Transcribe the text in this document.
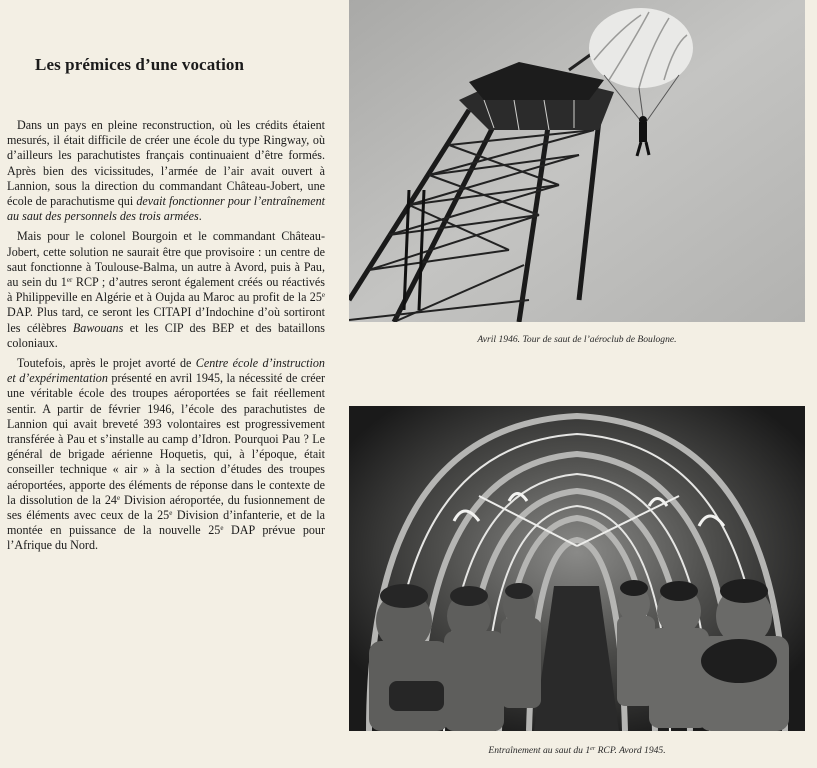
Les prémices d’une vocation

Dans un pays en pleine reconstruction, où les crédits étaient mesurés, il était difficile de créer une école du type Ringway, où d’ailleurs les parachutistes français continuaient d’être formés. Après bien des vicissitudes, l’armée de l’air avait ouvert à Lannion, sous la direction du commandant Château-Jobert, une école de parachutisme qui devait fonctionner pour l’entraînement au saut des personnels des trois armées.

Mais pour le colonel Bourgoin et le commandant Château-Jobert, cette solution ne saurait être que provisoire : un centre de saut fonctionne à Toulouse-Balma, un autre à Avord, puis à Pau, au sein du 1er RCP ; d’autres seront également créés ou réactivés à Philippeville en Algérie et à Oujda au Maroc au profit de la 25e DAP. Plus tard, ce seront les CITAPI d’Indochine d’où sortiront les célèbres Bawouans et les CIP des BEP et des bataillons coloniaux.

Toutefois, après le projet avorté de Centre école d’instruction et d’expérimentation présenté en avril 1945, la nécessité de créer une véritable école des troupes aéroportées se fait réellement sentir. A partir de février 1946, l’école des parachutistes de Lannion qui avait breveté 393 volontaires est progressivement transférée à Pau et s’installe au camp d’Idron. Pourquoi Pau ? Le général de brigade aérienne Hoquetis, qui, à l’époque, était conseiller technique « air » à la section d’études des troupes aéroportées, apporte des éléments de réponse dans le contexte de la dissolution de la 24e Division aéroportée, du fusionnement de ses éléments avec ceux de la 25e Division d’infanterie, et de la montée en puissance de la nouvelle 25e DAP prévue pour l’Afrique du Nord.

Avril 1946. Tour de saut de l’aéroclub de Boulogne.
Entraînement au saut du 1er RCP. Avord 1945.
